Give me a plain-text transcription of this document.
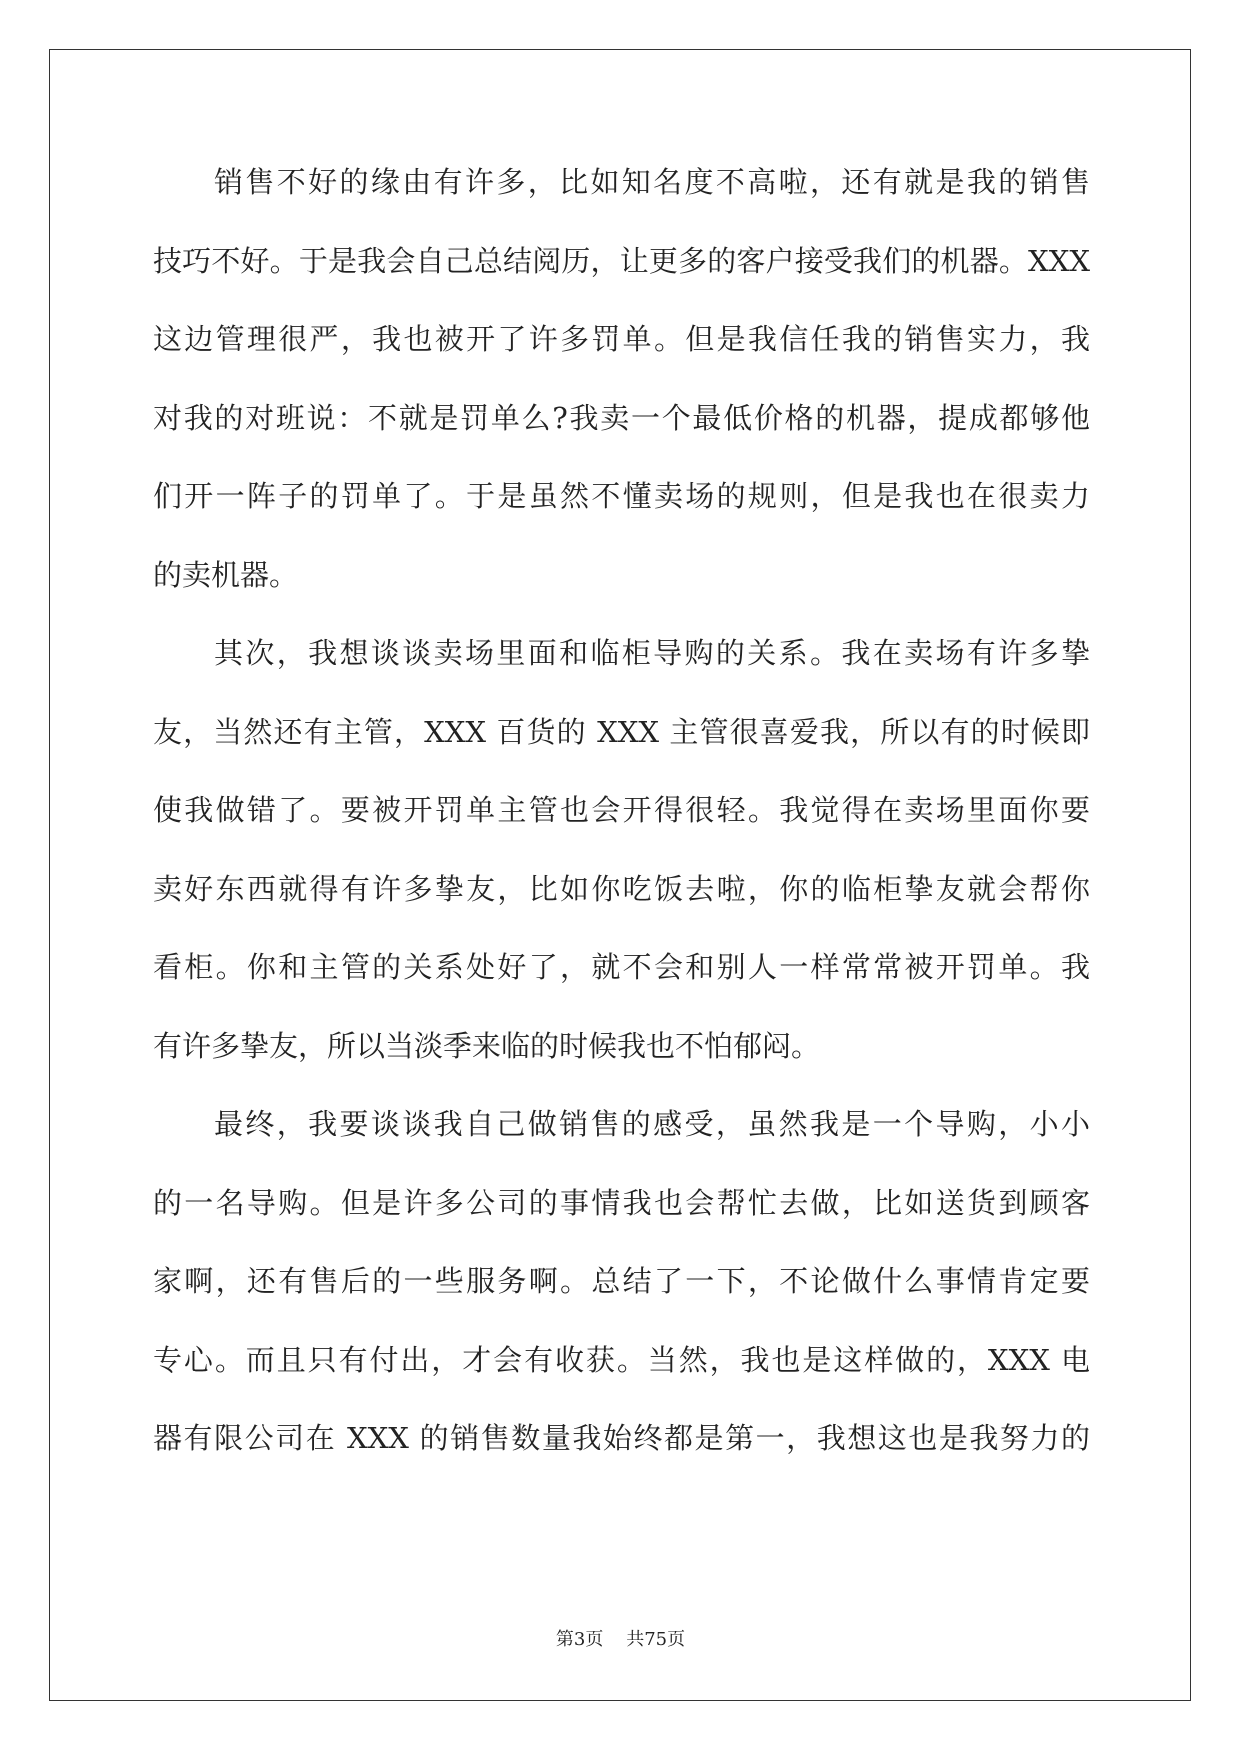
销售不好的缘由有许多，比如知名度不高啦，还有就是我的销售
技巧不好。于是我会自己总结阅历，让更多的客户接受我们的机器。XXX
这边管理很严，我也被开了许多罚单。但是我信任我的销售实力，我
对我的对班说：不就是罚单么?我卖一个最低价格的机器，提成都够他
们开一阵子的罚单了。于是虽然不懂卖场的规则，但是我也在很卖力
的卖机器。
其次，我想谈谈卖场里面和临柜导购的关系。我在卖场有许多挚
友，当然还有主管，XXX 百货的 XXX 主管很喜爱我，所以有的时候即
使我做错了。要被开罚单主管也会开得很轻。我觉得在卖场里面你要
卖好东西就得有许多挚友，比如你吃饭去啦，你的临柜挚友就会帮你
看柜。你和主管的关系处好了，就不会和别人一样常常被开罚单。我
有许多挚友，所以当淡季来临的时候我也不怕郁闷。
最终，我要谈谈我自己做销售的感受，虽然我是一个导购，小小
的一名导购。但是许多公司的事情我也会帮忙去做，比如送货到顾客
家啊，还有售后的一些服务啊。总结了一下，不论做什么事情肯定要
专心。而且只有付出，才会有收获。当然，我也是这样做的，XXX 电
器有限公司在 XXX 的销售数量我始终都是第一，我想这也是我努力的
第3页    共75页
